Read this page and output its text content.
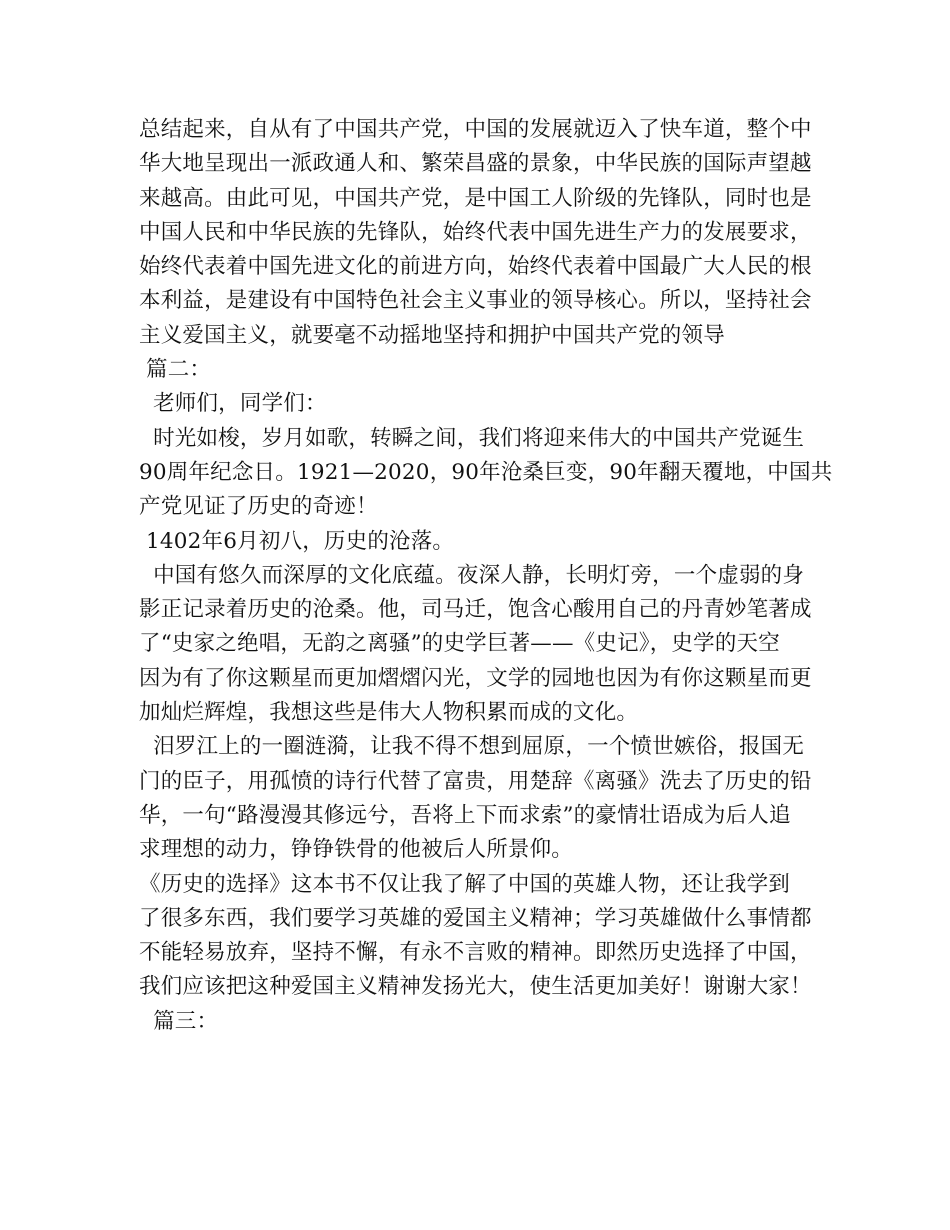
总结起来，自从有了中国共产党，中国的发展就迈入了快车道，整个中
华大地呈现出一派政通人和、繁荣昌盛的景象，中华民族的国际声望越
来越高。由此可见，中国共产党，是中国工人阶级的先锋队，同时也是
中国人民和中华民族的先锋队，始终代表中国先进生产力的发展要求，
始终代表着中国先进文化的前进方向，始终代表着中国最广大人民的根
本利益，是建设有中国特色社会主义事业的领导核心。所以，坚持社会
主义爱国主义，就要毫不动摇地坚持和拥护中国共产党的领导
篇二：
老师们，同学们：
时光如梭，岁月如歌，转瞬之间，我们将迎来伟大的中国共产党诞生
90周年纪念日。1921—2020，90年沧桑巨变，90年翻天覆地，中国共
产党见证了历史的奇迹！
1402年6月初八，历史的沧落。
中国有悠久而深厚的文化底蕴。夜深人静，长明灯旁，一个虚弱的身
影正记录着历史的沧桑。他，司马迁，饱含心酸用自己的丹青妙笔著成
了“史家之绝唱，无韵之离骚”的史学巨著——《史记》，史学的天空
因为有了你这颗星而更加熠熠闪光，文学的园地也因为有你这颗星而更
加灿烂辉煌，我想这些是伟大人物积累而成的文化。
汨罗江上的一圈涟漪，让我不得不想到屈原，一个愤世嫉俗，报国无
门的臣子，用孤愤的诗行代替了富贵，用楚辞《离骚》洗去了历史的铅
华，一句“路漫漫其修远兮，吾将上下而求索”的豪情壮语成为后人追
求理想的动力，铮铮铁骨的他被后人所景仰。
《历史的选择》这本书不仅让我了解了中国的英雄人物，还让我学到
了很多东西，我们要学习英雄的爱国主义精神；学习英雄做什么事情都
不能轻易放弃，坚持不懈，有永不言败的精神。即然历史选择了中国，
我们应该把这种爱国主义精神发扬光大，使生活更加美好！谢谢大家！
篇三：
